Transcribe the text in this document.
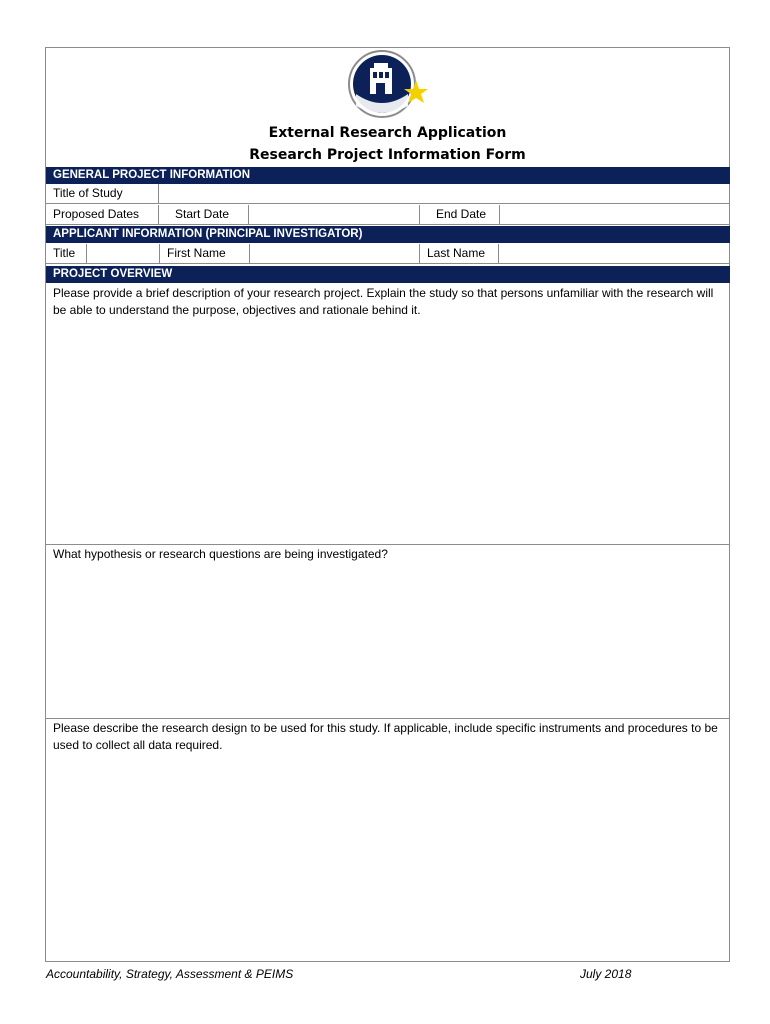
External Research Application
Research Project Information Form
GENERAL PROJECT INFORMATION
Title of Study
Proposed Dates	Start Date	End Date
APPLICANT INFORMATION (PRINCIPAL INVESTIGATOR)
Title	First Name	Last Name
PROJECT OVERVIEW
Please provide a brief description of your research project. Explain the study so that persons unfamiliar with the research will be able to understand the purpose, objectives and rationale behind it.
What hypothesis or research questions are being investigated?
Please describe the research design to be used for this study. If applicable, include specific instruments and procedures to be used to collect all data required.
Accountability, Strategy, Assessment & PEIMS	July 2018
